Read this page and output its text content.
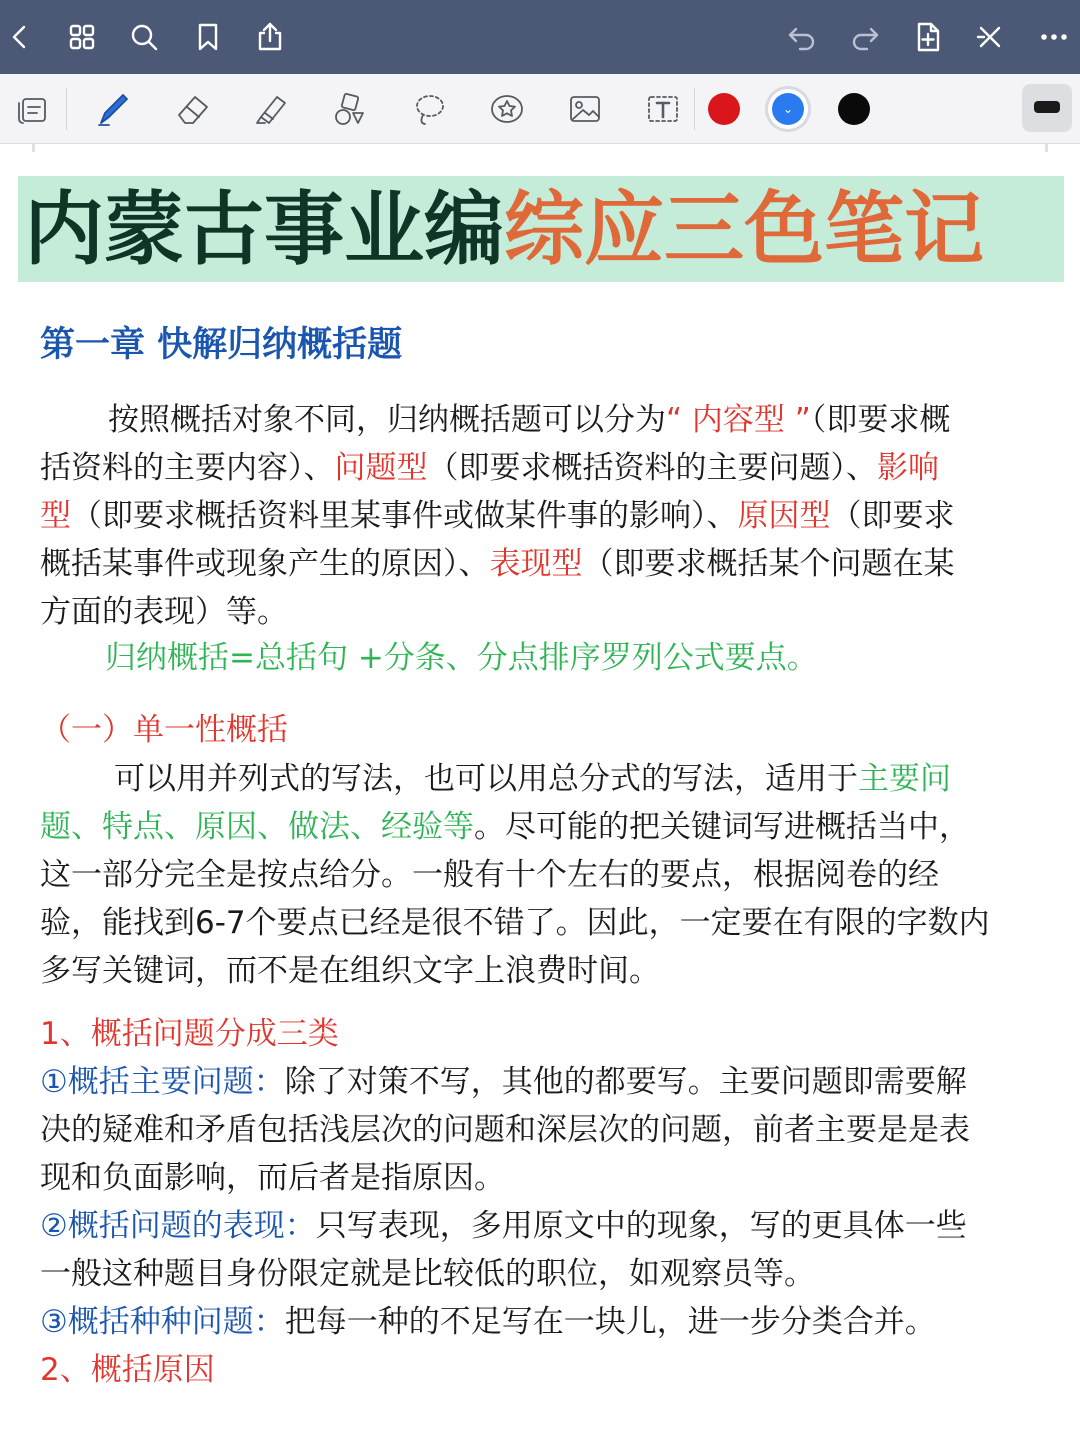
⌄
内蒙古事业编综应三色笔记
第一章 快解归纳概括题
按照概括对象不同，归纳概括题可以分为“ 内容型 ”（即要求概
括资料的主要内容）、问题型（即要求概括资料的主要问题）、影响
型（即要求概括资料里某事件或做某件事的影响）、原因型（即要求
概括某事件或现象产生的原因）、表现型（即要求概括某个问题在某
方面的表现）等。
归纳概括=总括句 +分条、分点排序罗列公式要点。
（一）单一性概括
可以用并列式的写法，也可以用总分式的写法，适用于主要问
题、特点、原因、做法、经验等。尽可能的把关键词写进概括当中，
这一部分完全是按点给分。一般有十个左右的要点，根据阅卷的经
验，能找到6-7个要点已经是很不错了。因此，一定要在有限的字数内
多写关键词，而不是在组织文字上浪费时间。
1、概括问题分成三类
①概括主要问题：除了对策不写，其他的都要写。主要问题即需要解
决的疑难和矛盾包括浅层次的问题和深层次的问题，前者主要是是表
现和负面影响，而后者是指原因。
②概括问题的表现：只写表现，多用原文中的现象，写的更具体一些
一般这种题目身份限定就是比较低的职位，如观察员等。
③概括种种问题：把每一种的不足写在一块儿，进一步分类合并。
2、概括原因
